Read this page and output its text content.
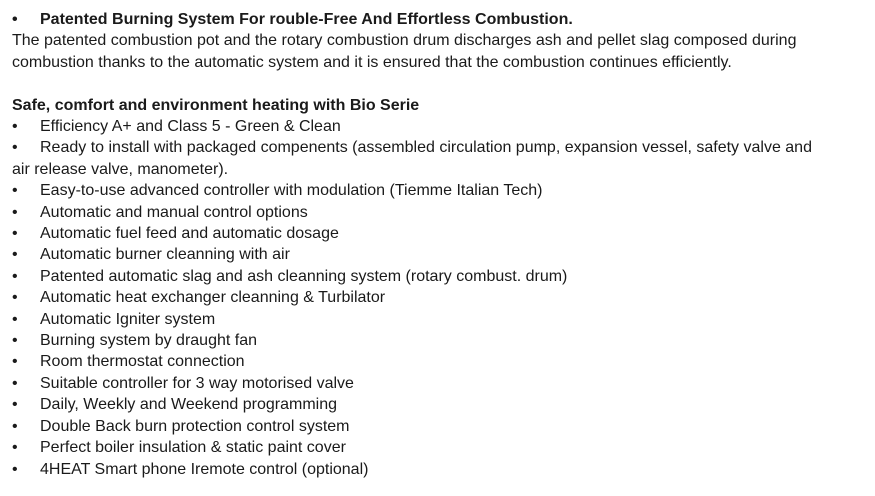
•	Patented Burning System For rouble-Free And Effortless Combustion.
The patented combustion pot and the rotary combustion drum discharges ash and pellet slag composed during
combustion thanks to the automatic system and it is ensured that the combustion continues efficiently.
Safe, comfort and environment heating with Bio Serie
•	Efficiency A+ and Class 5 - Green & Clean
•	Ready to install with packaged compenents (assembled circulation pump, expansion vessel, safety valve and
air release valve, manometer).
•	Easy-to-use advanced controller with modulation (Tiemme Italian Tech)
•	Automatic and manual control options
•	Automatic fuel feed and automatic dosage
•	Automatic burner cleanning with air
•	Patented automatic slag and ash cleanning system (rotary combust. drum)
•	Automatic heat exchanger cleanning & Turbilator
•	Automatic Igniter system
•	Burning system by draught fan
•	Room thermostat connection
•	Suitable controller for 3 way motorised valve
•	Daily, Weekly and Weekend programming
•	Double Back burn protection control system
•	Perfect boiler insulation & static paint cover
•	4HEAT Smart phone Iremote control (optional)
